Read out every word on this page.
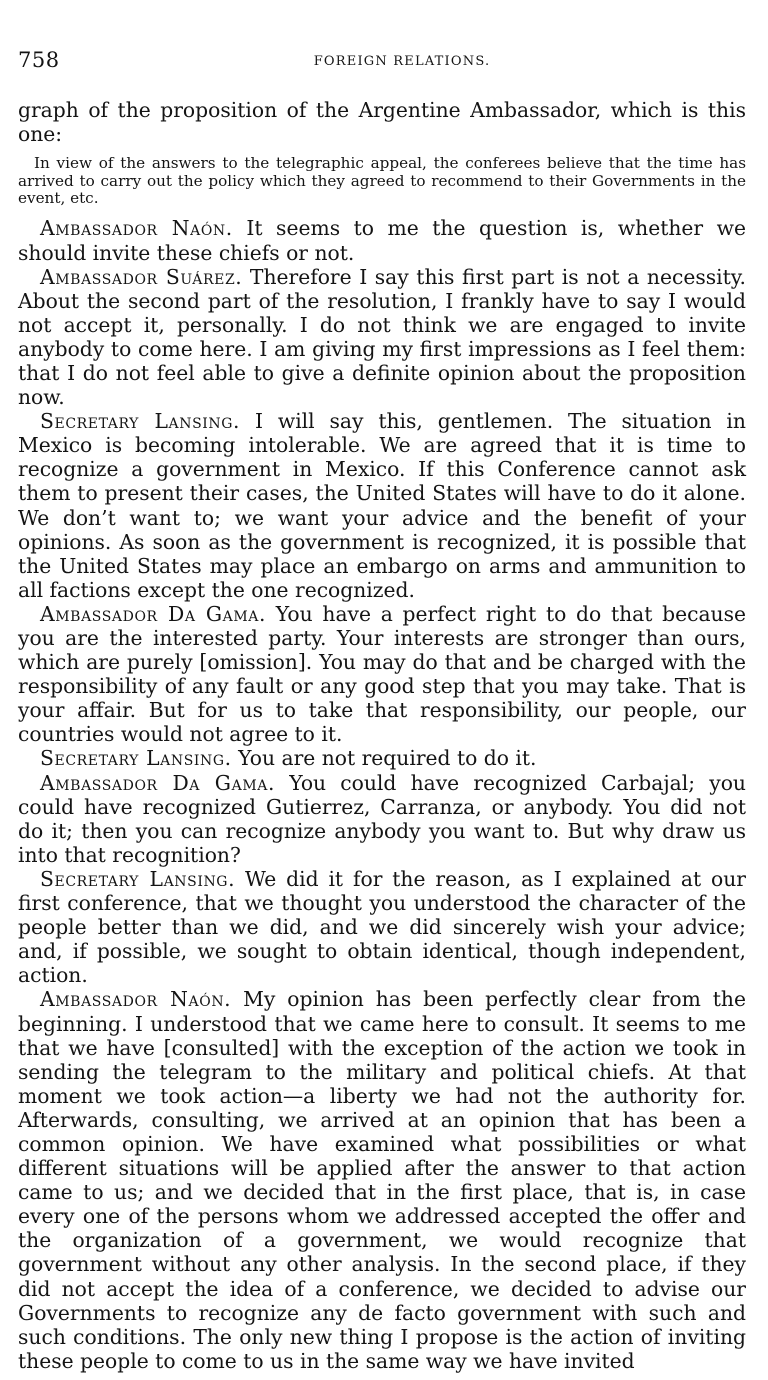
758	FOREIGN RELATIONS.

graph of the proposition of the Argentine Ambassador, which is this one:

In view of the answers to the telegraphic appeal, the conferees believe that the time has arrived to carry out the policy which they agreed to recommend to their Governments in the event, etc.

Ambassador Naón. It seems to me the question is, whether we should invite these chiefs or not.

Ambassador Suárez. Therefore I say this first part is not a necessity. About the second part of the resolution, I frankly have to say I would not accept it, personally. I do not think we are engaged to invite anybody to come here. I am giving my first impressions as I feel them: that I do not feel able to give a definite opinion about the proposition now.

Secretary Lansing. I will say this, gentlemen. The situation in Mexico is becoming intolerable. We are agreed that it is time to recognize a government in Mexico. If this Conference cannot ask them to present their cases, the United States will have to do it alone. We don’t want to; we want your advice and the benefit of your opinions. As soon as the government is recognized, it is possible that the United States may place an embargo on arms and ammunition to all factions except the one recognized.

Ambassador Da Gama. You have a perfect right to do that because you are the interested party. Your interests are stronger than ours, which are purely [omission]. You may do that and be charged with the responsibility of any fault or any good step that you may take. That is your affair. But for us to take that responsibility, our people, our countries would not agree to it.

Secretary Lansing. You are not required to do it.

Ambassador Da Gama. You could have recognized Carbajal; you could have recognized Gutierrez, Carranza, or anybody. You did not do it; then you can recognize anybody you want to. But why draw us into that recognition?

Secretary Lansing. We did it for the reason, as I explained at our first conference, that we thought you understood the character of the people better than we did, and we did sincerely wish your advice; and, if possible, we sought to obtain identical, though independent, action.

Ambassador Naón. My opinion has been perfectly clear from the beginning. I understood that we came here to consult. It seems to me that we have [consulted] with the exception of the action we took in sending the telegram to the military and political chiefs. At that moment we took action—a liberty we had not the authority for. Afterwards, consulting, we arrived at an opinion that has been a common opinion. We have examined what possibilities or what different situations will be applied after the answer to that action came to us; and we decided that in the first place, that is, in case every one of the persons whom we addressed accepted the offer and the organization of a government, we would recognize that government without any other analysis. In the second place, if they did not accept the idea of a conference, we decided to advise our Governments to recognize any de facto government with such and such conditions. The only new thing I propose is the action of inviting these people to come to us in the same way we have invited
